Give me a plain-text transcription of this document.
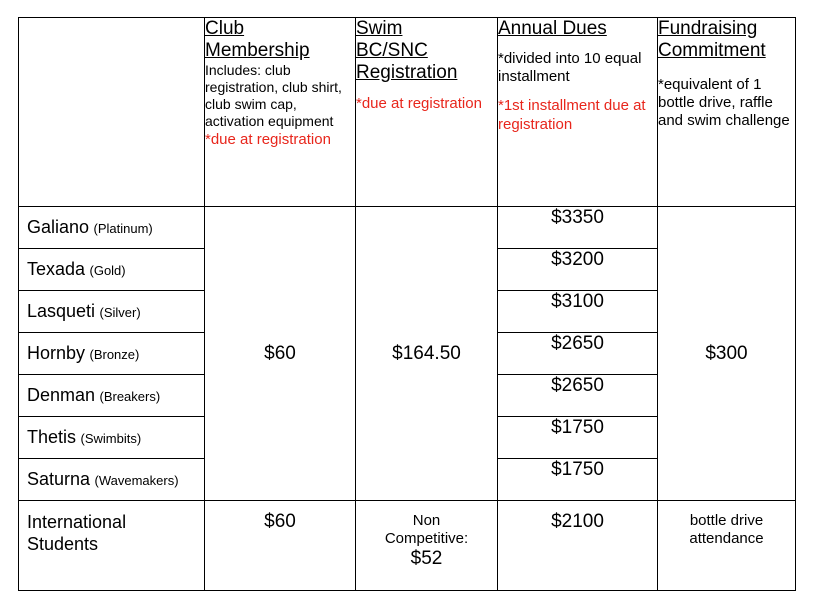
	Club
Membership
Includes: club registration, club shirt, club swim cap, activation equipment
*due at registration	Swim
BC/SNC
Registration
*due at registration	Annual Dues
*divided into 10 equal installment
*1st installment due at registration	Fundraising
Commitment
*equivalent of 1 bottle drive, raffle and swim challenge

Galiano (Platinum)	$60	$164.50	$3350	$300
Texada (Gold)			$3200	
Lasqueti (Silver)			$3100	
Hornby (Bronze)			$2650	
Denman (Breakers)			$2650	
Thetis (Swimbits)			$1750	
Saturna (Wavemakers)			$1750	

International
Students	$60	Non
Competitive:
$52	$2100	bottle drive
attendance
